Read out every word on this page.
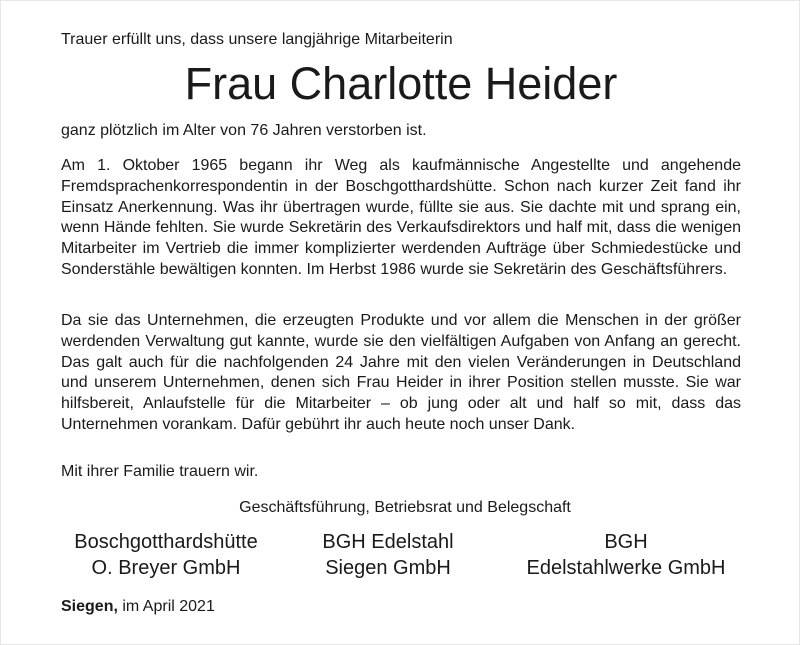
Trauer erfüllt uns, dass unsere langjährige Mitarbeiterin
Frau Charlotte Heider
ganz plötzlich im Alter von 76 Jahren verstorben ist.

Am 1. Oktober 1965 begann ihr Weg als kaufmännische Angestellte und angehende Fremdsprachenkorrespondentin in der Boschgotthardshütte. Schon nach kurzer Zeit fand ihr Einsatz Anerkennung. Was ihr übertragen wurde, füllte sie aus. Sie dachte mit und sprang ein, wenn Hände fehlten. Sie wurde Sekretärin des Verkaufsdirektors und half mit, dass die wenigen Mitarbeiter im Vertrieb die immer komplizierter werdenden Aufträge über Schmiedestücke und Sonderstähle bewältigen konnten. Im Herbst 1986 wurde sie Sekretärin des Geschäftsführers.

Da sie das Unternehmen, die erzeugten Produkte und vor allem die Menschen in der größer werdenden Verwaltung gut kannte, wurde sie den vielfältigen Aufgaben von Anfang an gerecht. Das galt auch für die nachfolgenden 24 Jahre mit den vielen Veränderungen in Deutschland und unserem Unternehmen, denen sich Frau Heider in ihrer Position stellen musste. Sie war hilfsbereit, Anlaufstelle für die Mitarbeiter – ob jung oder alt und half so mit, dass das Unternehmen vorankam. Dafür gebührt ihr auch heute noch unser Dank.

Mit ihrer Familie trauern wir.

Geschäftsführung, Betriebsrat und Belegschaft
Boschgotthardshütte
O. Breyer GmbH
BGH Edelstahl
Siegen GmbH
BGH
Edelstahlwerke GmbH
Siegen, im April 2021
